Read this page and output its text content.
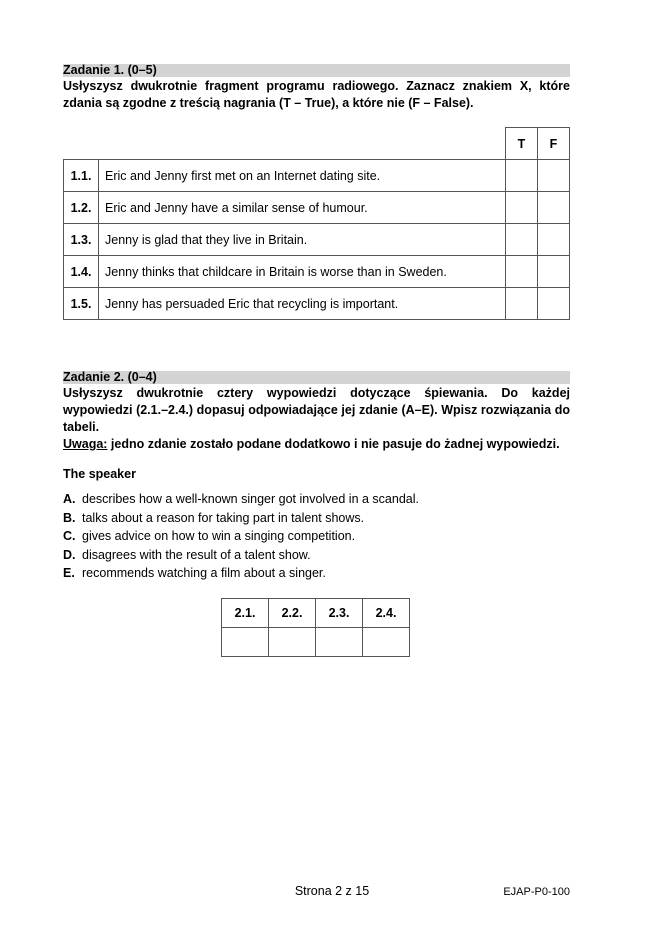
Zadanie 1. (0–5)

Usłyszysz dwukrotnie fragment programu radiowego. Zaznacz znakiem X, które zdania są zgodne z treścią nagrania (T – True), a które nie (F – False).

		T	F
1.1.	Eric and Jenny first met on an Internet dating site.		
1.2.	Eric and Jenny have a similar sense of humour.		
1.3.	Jenny is glad that they live in Britain.		
1.4.	Jenny thinks that childcare in Britain is worse than in Sweden.		
1.5.	Jenny has persuaded Eric that recycling is important.		
Zadanie 2. (0–4)

Usłyszysz dwukrotnie cztery wypowiedzi dotyczące śpiewania. Do każdej wypowiedzi (2.1.–2.4.) dopasuj odpowiadające jej zdanie (A–E). Wpisz rozwiązania do tabeli.

Uwaga: jedno zdanie zostało podane dodatkowo i nie pasuje do żadnej wypowiedzi.

The speaker
A. describes how a well-known singer got involved in a scandal.
B. talks about a reason for taking part in talent shows.
C. gives advice on how to win a singing competition.
D. disagrees with the result of a talent show.
E. recommends watching a film about a singer.
2.1.	2.2.	2.3.	2.4.

Strona 2 z 15	EJAP-P0-100
